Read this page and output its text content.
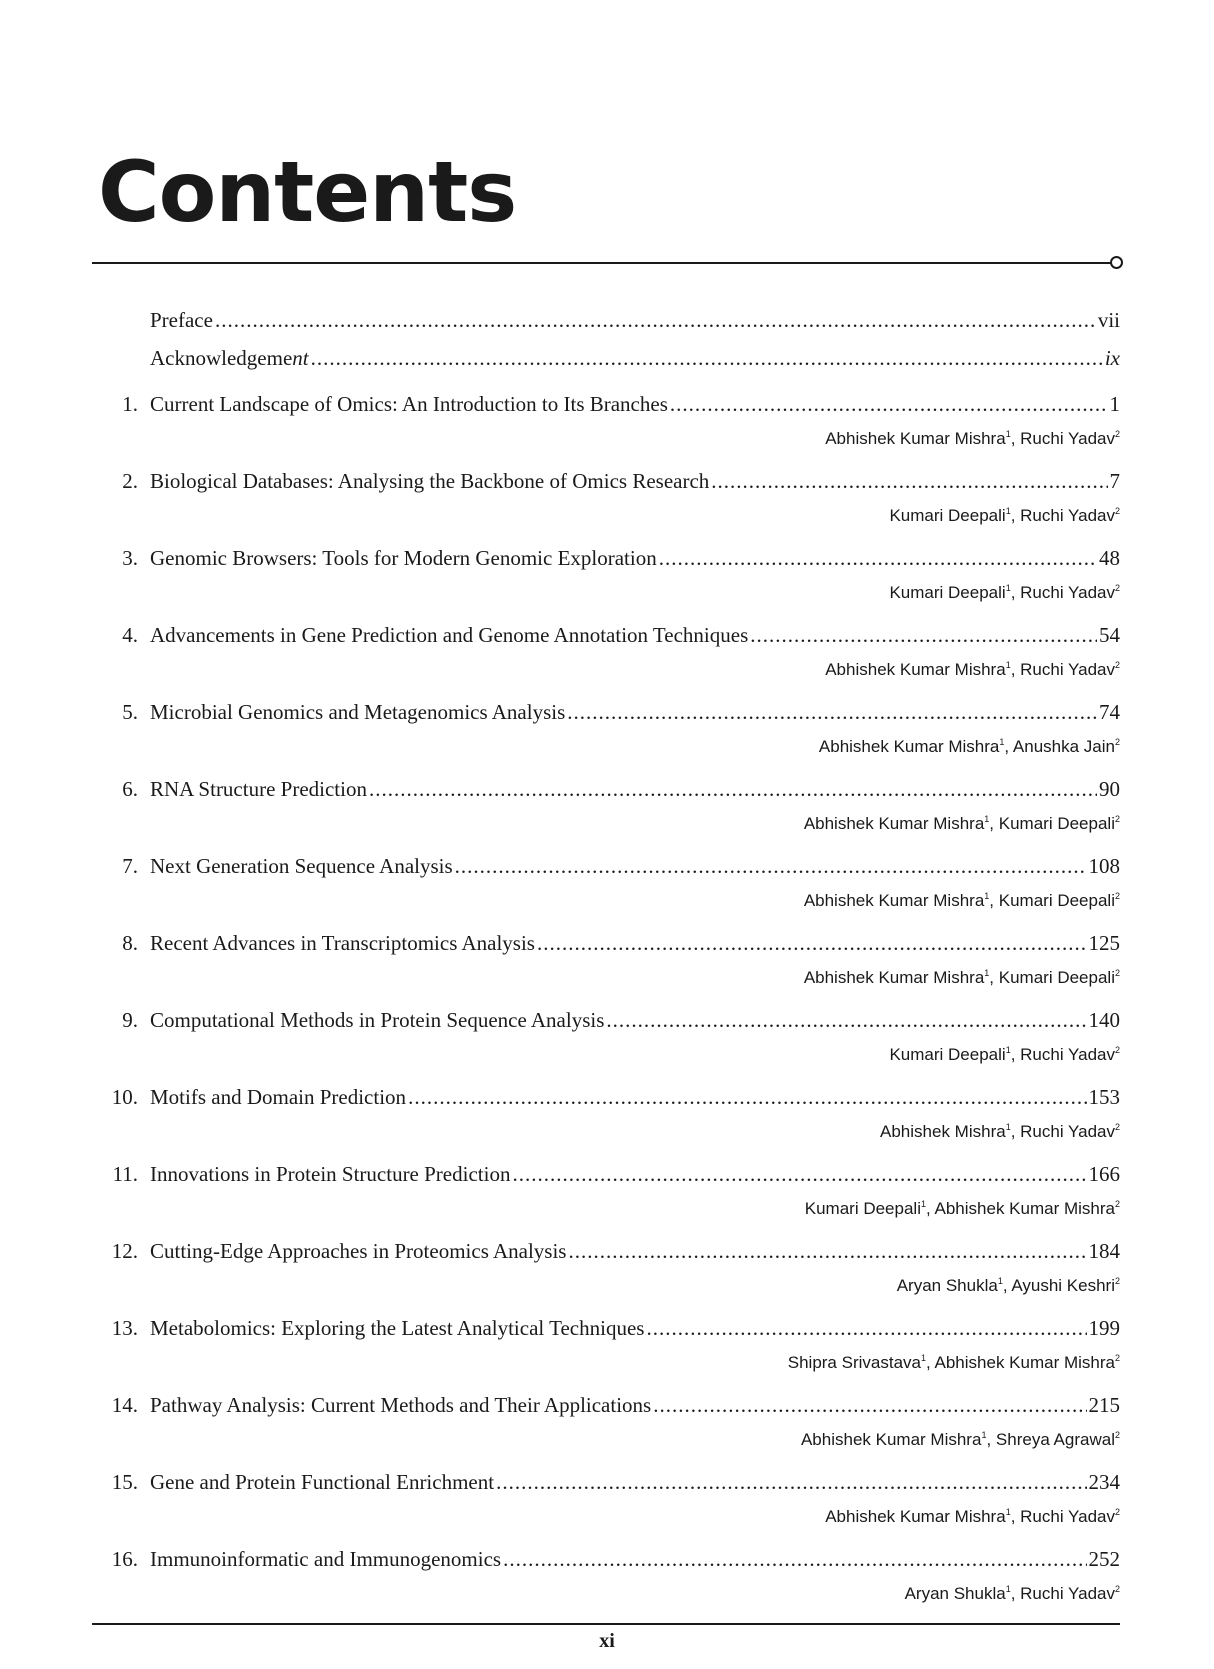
Contents
Preface .....	vii
Acknowledgement .....	ix
1. Current Landscape of Omics: An Introduction to Its Branches .....	1
Abhishek Kumar Mishra$^1$, Ruchi Yadav$^2$
2. Biological Databases: Analysing the Backbone of Omics Research .....	7
Kumari Deepali$^1$, Ruchi Yadav$^2$
3. Genomic Browsers: Tools for Modern Genomic Exploration .....	48
Kumari Deepali$^1$, Ruchi Yadav$^2$
4. Advancements in Gene Prediction and Genome Annotation Techniques .....	54
Abhishek Kumar Mishra$^1$, Ruchi Yadav$^2$
5. Microbial Genomics and Metagenomics Analysis .....	74
Abhishek Kumar Mishra$^1$, Anushka Jain$^2$
6. RNA Structure Prediction .....	90
Abhishek Kumar Mishra$^1$, Kumari Deepali$^2$
7. Next Generation Sequence Analysis .....	108
Abhishek Kumar Mishra$^1$, Kumari Deepali$^2$
8. Recent Advances in Transcriptomics Analysis .....	125
Abhishek Kumar Mishra$^1$, Kumari Deepali$^2$
9. Computational Methods in Protein Sequence Analysis .....	140
Kumari Deepali$^1$, Ruchi Yadav$^2$
10. Motifs and Domain Prediction .....	153
Abhishek Mishra$^1$, Ruchi Yadav$^2$
11. Innovations in Protein Structure Prediction .....	166
Kumari Deepali$^1$, Abhishek Kumar Mishra$^2$
12. Cutting-Edge Approaches in Proteomics Analysis .....	184
Aryan Shukla$^1$, Ayushi Keshri$^2$
13. Metabolomics: Exploring the Latest Analytical Techniques .....	199
Shipra Srivastava$^1$, Abhishek Kumar Mishra$^2$
14. Pathway Analysis: Current Methods and Their Applications .....	215
Abhishek Kumar Mishra$^1$, Shreya Agrawal$^2$
15. Gene and Protein Functional Enrichment .....	234
Abhishek Kumar Mishra$^1$, Ruchi Yadav$^2$
16. Immunoinformatic and Immunogenomics .....	252
Aryan Shukla$^1$, Ruchi Yadav$^2$
xi
